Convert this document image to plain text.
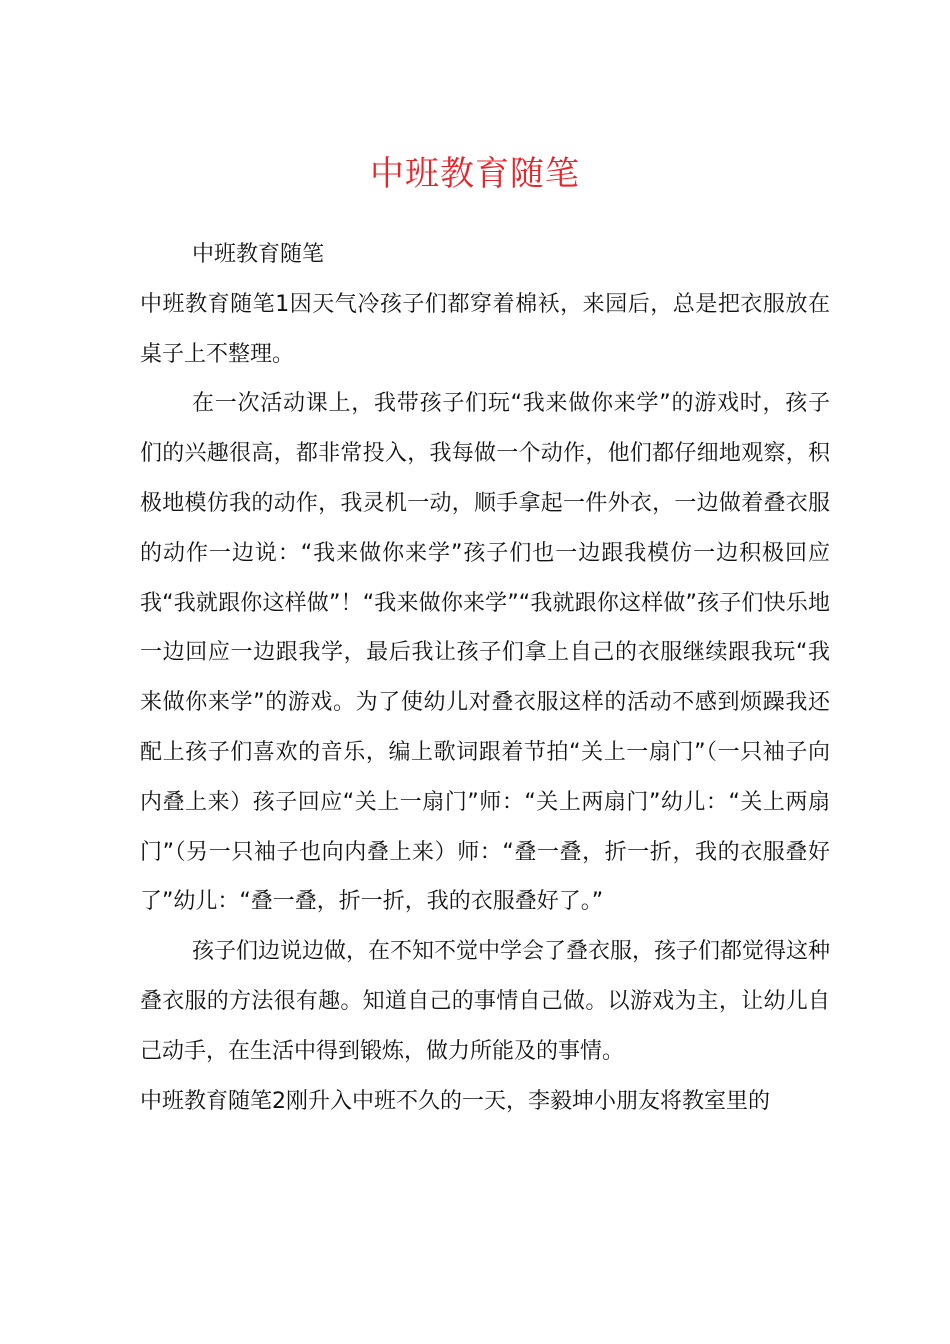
中班教育随笔

中班教育随笔

中班教育随笔1因天气冷孩子们都穿着棉袄，来园后，总是把衣服放在桌子上不整理。

在一次活动课上，我带孩子们玩“我来做你来学”的游戏时，孩子们的兴趣很高，都非常投入，我每做一个动作，他们都仔细地观察，积极地模仿我的动作，我灵机一动，顺手拿起一件外衣，一边做着叠衣服的动作一边说：“我来做你来学”孩子们也一边跟我模仿一边积极回应我“我就跟你这样做”！“我来做你来学”“我就跟你这样做”孩子们快乐地一边回应一边跟我学，最后我让孩子们拿上自己的衣服继续跟我玩“我来做你来学”的游戏。为了使幼儿对叠衣服这样的活动不感到烦躁我还配上孩子们喜欢的音乐，编上歌词跟着节拍“关上一扇门”（一只袖子向内叠上来）孩子回应“关上一扇门”师：“关上两扇门”幼儿：“关上两扇门”（另一只袖子也向内叠上来）师：“叠一叠，折一折，我的衣服叠好了”幼儿：“叠一叠，折一折，我的衣服叠好了。”

孩子们边说边做，在不知不觉中学会了叠衣服，孩子们都觉得这种叠衣服的方法很有趣。知道自己的事情自己做。以游戏为主，让幼儿自己动手，在生活中得到锻炼，做力所能及的事情。

中班教育随笔2刚升入中班不久的一天，李毅坤小朋友将教室里的
